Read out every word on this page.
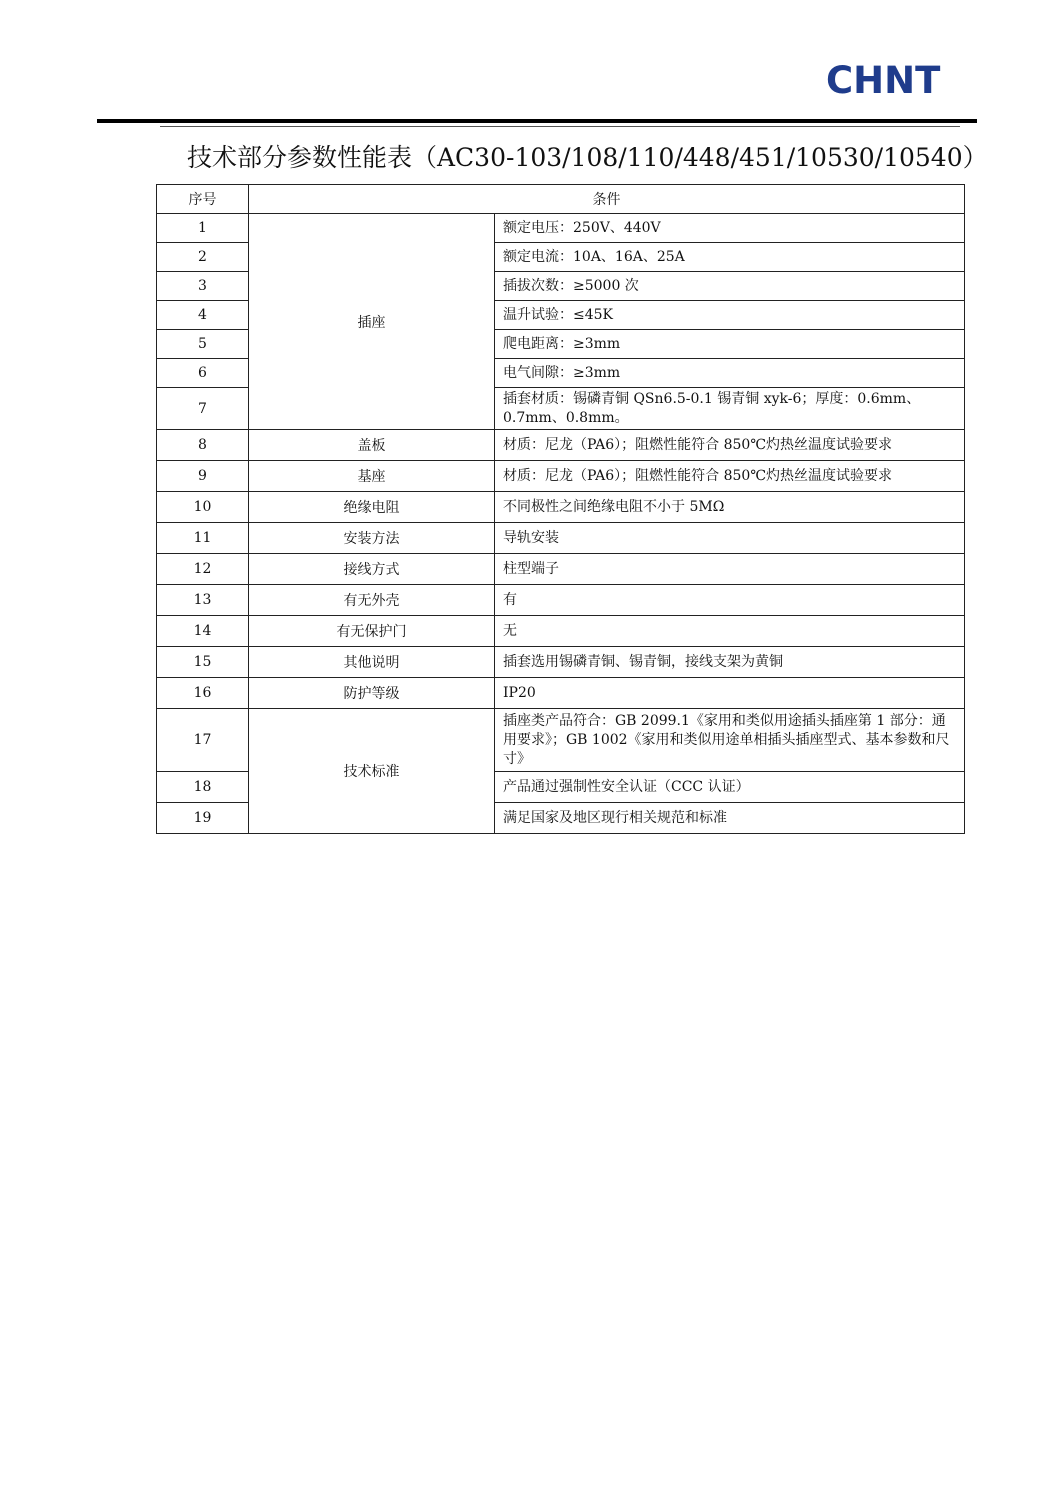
CHNT
技术部分参数性能表（AC30-103/108/110/448/451/10530/10540）
序号	条件	
1	插座	额定电压：250V、440V
2		额定电流：10A、16A、25A
3		插拔次数：≥5000 次
4		温升试验：≤45K
5		爬电距离：≥3mm
6		电气间隙：≥3mm
7		插套材质：锡磷青铜 QSn6.5-0.1 锡青铜 xyk-6；厚度：0.6mm、0.7mm、0.8mm。
8	盖板	材质：尼龙（PA6）；阻燃性能符合 850℃灼热丝温度试验要求
9	基座	材质：尼龙（PA6）；阻燃性能符合 850℃灼热丝温度试验要求
10	绝缘电阻	不同极性之间绝缘电阻不小于 5MΩ
11	安装方法	导轨安装
12	接线方式	柱型端子
13	有无外壳	有
14	有无保护门	无
15	其他说明	插套选用锡磷青铜、锡青铜，接线支架为黄铜
16	防护等级	IP20
17	技术标准	插座类产品符合：GB 2099.1《家用和类似用途插头插座第 1 部分：通用要求》；GB 1002《家用和类似用途单相插头插座型式、基本参数和尺寸》
18		产品通过强制性安全认证（CCC 认证）
19		满足国家及地区现行相关规范和标准
